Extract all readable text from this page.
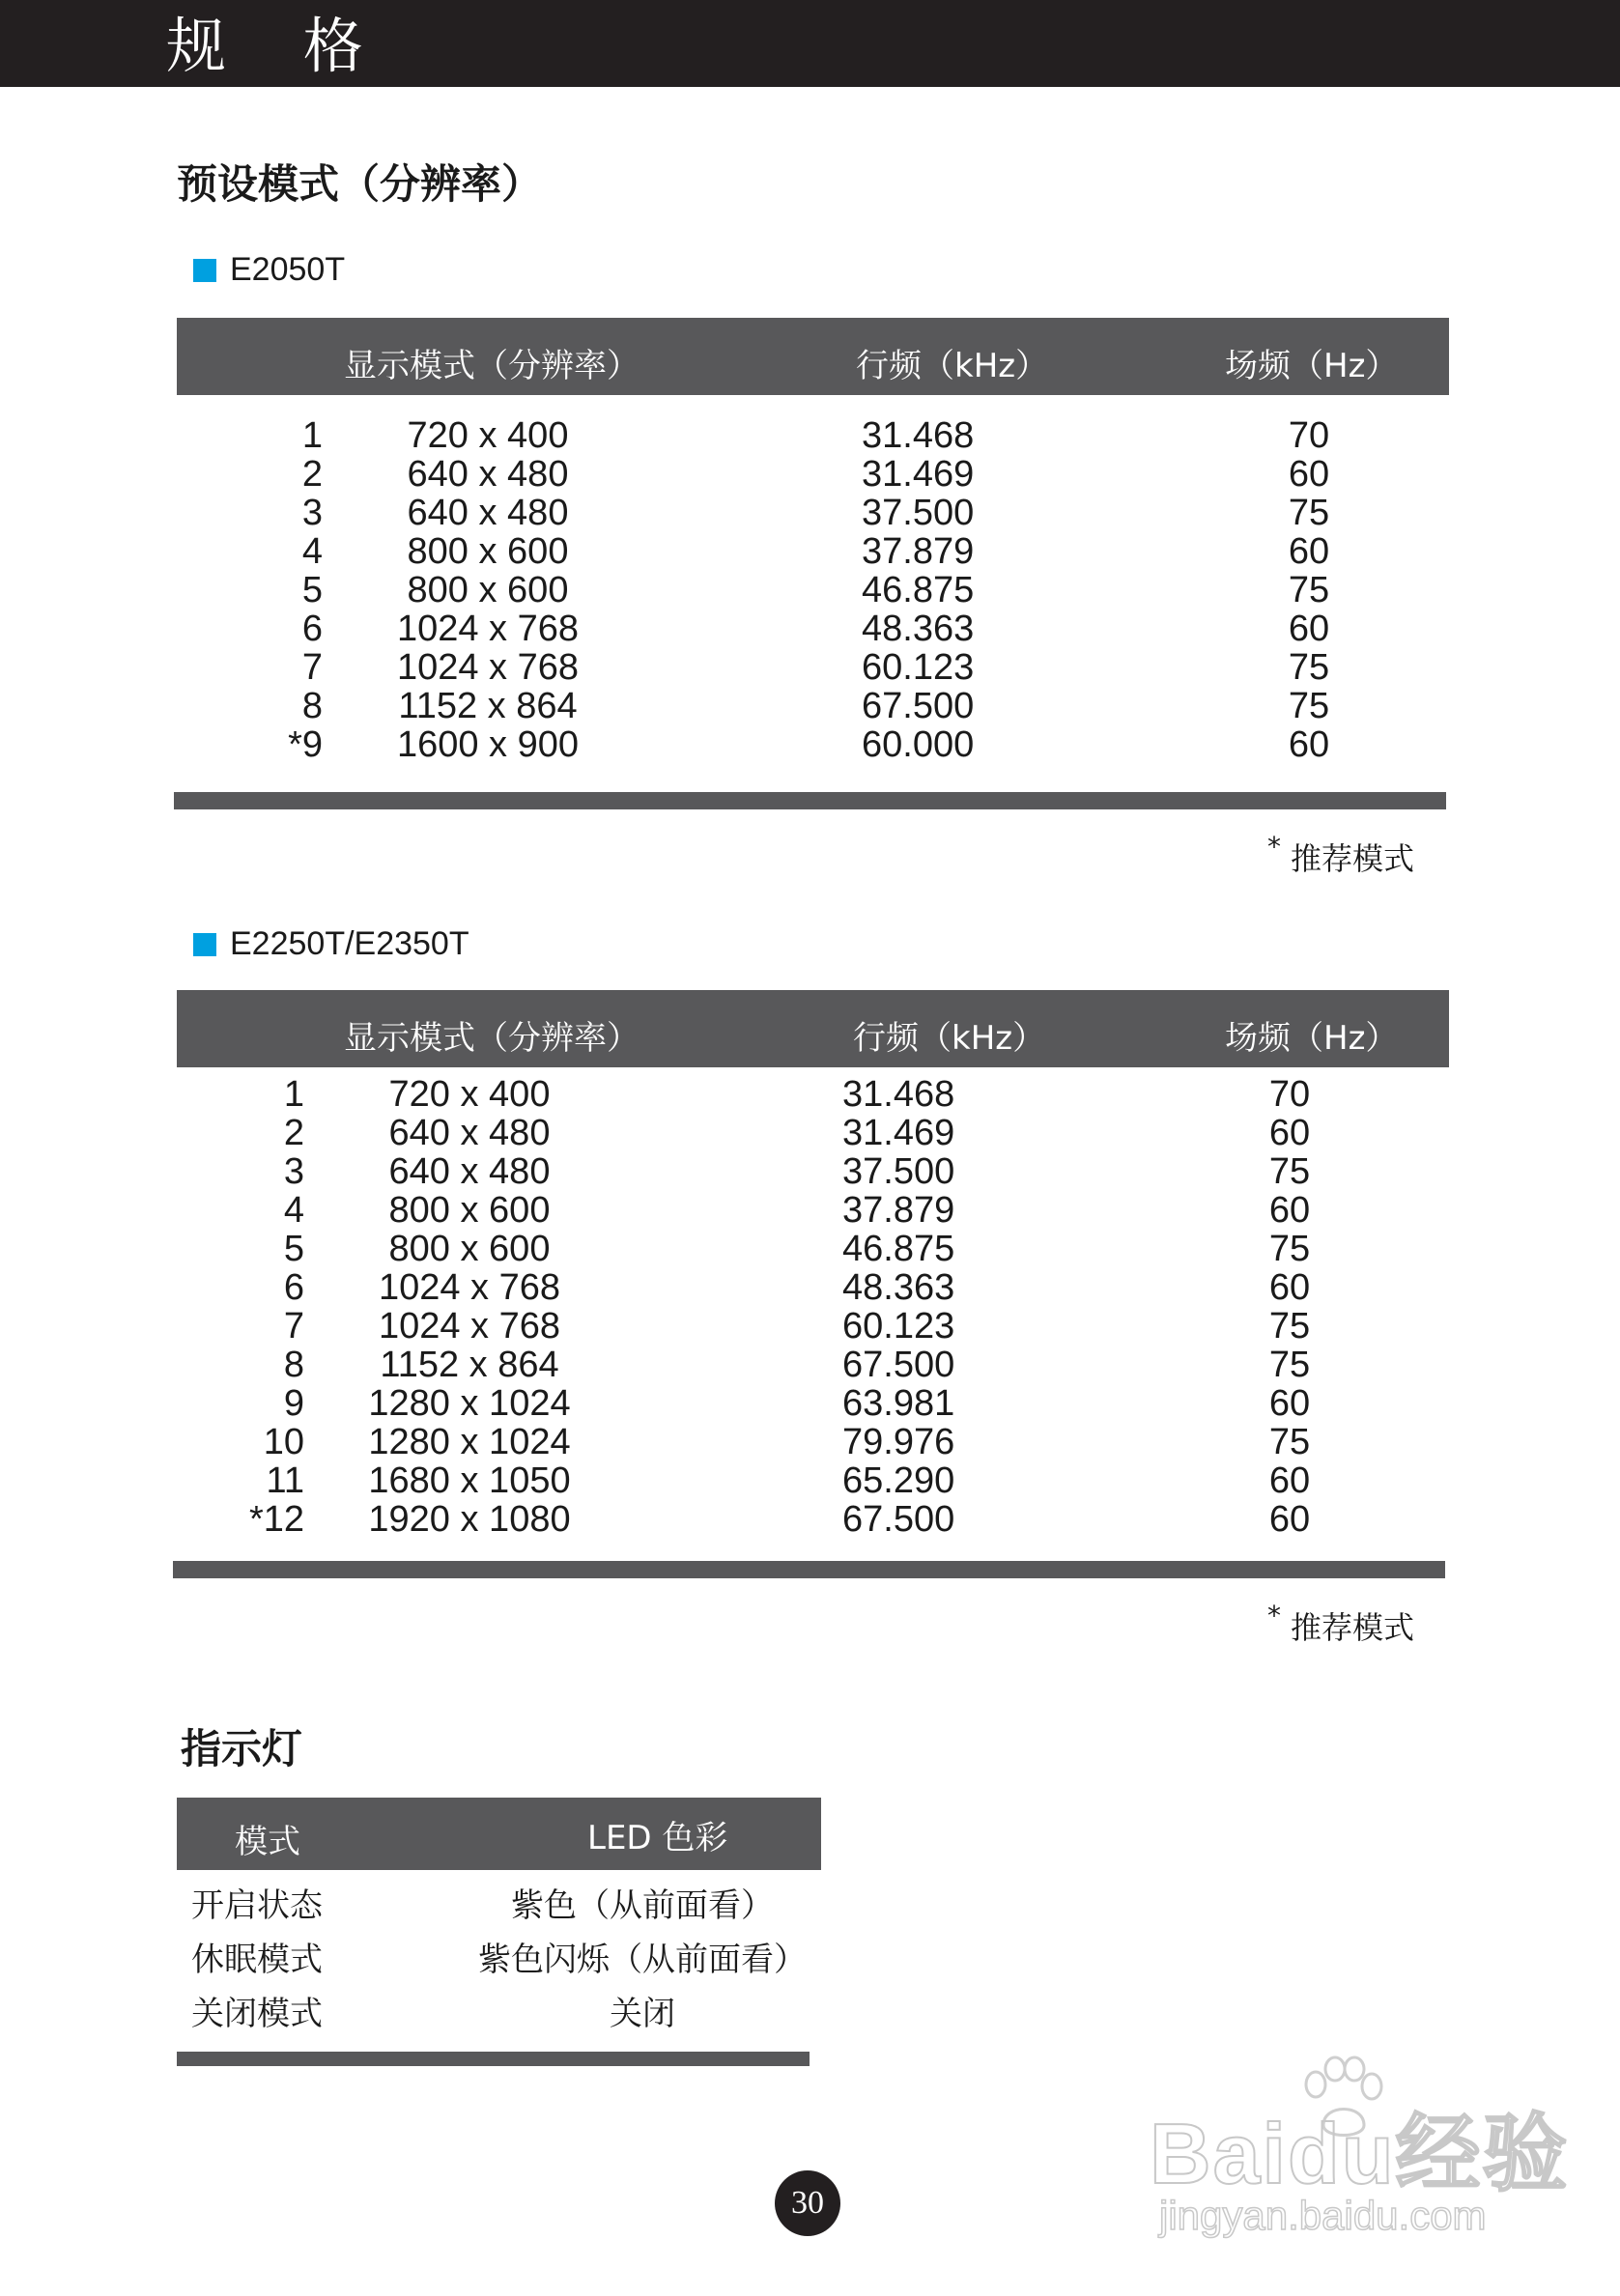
规 格
预设模式（分辨率）
E2050T
显示模式（分辨率）	行频（kHz）	场频（Hz）
1	720 x 400	31.468	70
2	640 x 480	31.469	60
3	640 x 480	37.500	75
4	800 x 600	37.879	60
5	800 x 600	46.875	75
6	1024 x 768	48.363	60
7	1024 x 768	60.123	75
8	1152 x 864	67.500	75
*9	1600 x 900	60.000	60
* 推荐模式
E2250T/E2350T
显示模式（分辨率）	行频（kHz）	场频（Hz）
1	720 x 400	31.468	70
2	640 x 480	31.469	60
3	640 x 480	37.500	75
4	800 x 600	37.879	60
5	800 x 600	46.875	75
6	1024 x 768	48.363	60
7	1024 x 768	60.123	75
8	1152 x 864	67.500	75
9	1280 x 1024	63.981	60
10	1280 x 1024	79.976	75
11	1680 x 1050	65.290	60
*12	1920 x 1080	67.500	60
* 推荐模式
指示灯
模式	LED 色彩
开启状态	紫色（从前面看）
休眠模式	紫色闪烁（从前面看）
关闭模式	关闭
30
Baidu经验
jingyan.baidu.com
